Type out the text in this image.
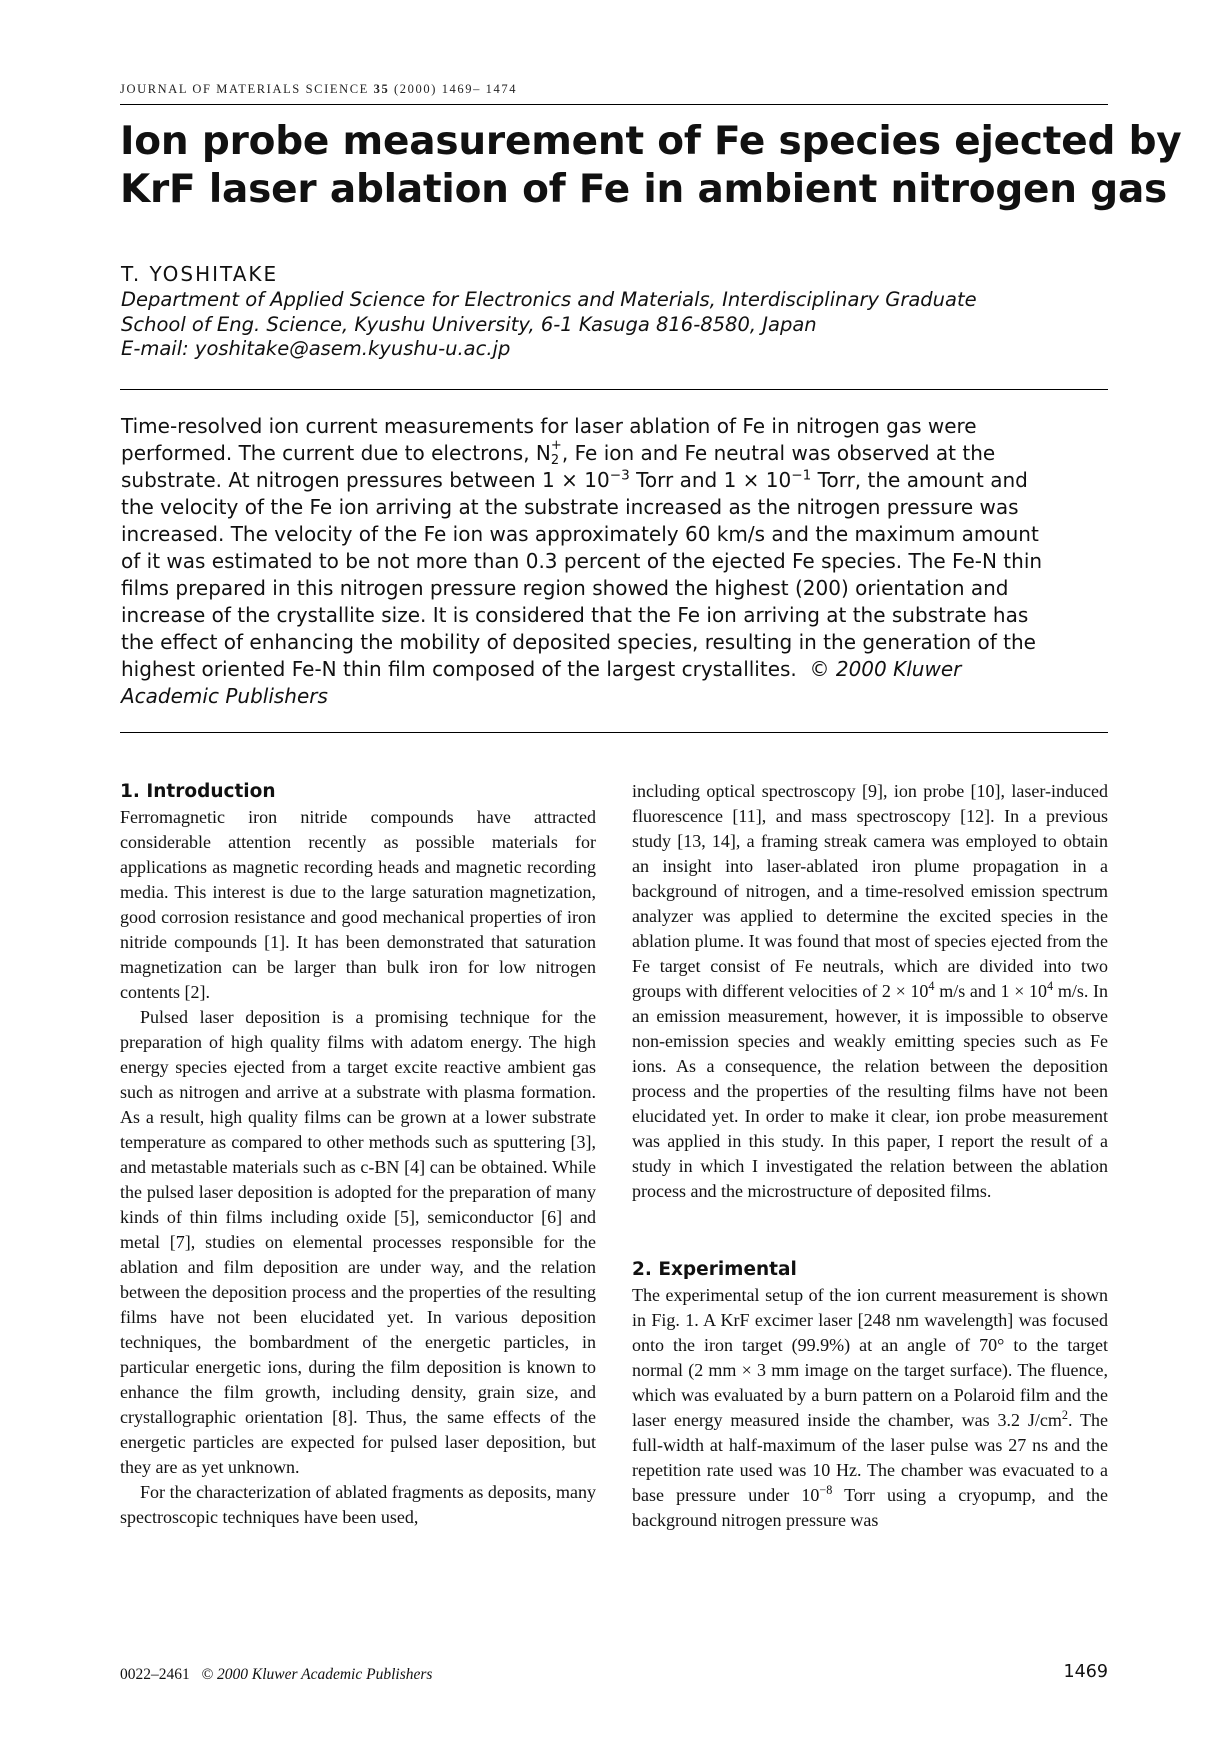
JOURNAL OF MATERIALS SCIENCE 35 (2000) 1469– 1474
Ion probe measurement of Fe species ejected by
KrF laser ablation of Fe in ambient nitrogen gas
T. YOSHITAKE
Department of Applied Science for Electronics and Materials, Interdisciplinary Graduate
School of Eng. Science, Kyushu University, 6-1 Kasuga 816-8580, Japan
E-mail: yoshitake@asem.kyushu-u.ac.jp
Time-resolved ion current measurements for laser ablation of Fe in nitrogen gas were
performed. The current due to electrons, N +
2 , Fe ion and Fe neutral was observed at the
substrate. At nitrogen pressures between $1 \times 10^{-3}$ Torr and $1 \times 10^{-1}$ Torr, the amount and
the velocity of the Fe ion arriving at the substrate increased as the nitrogen pressure was
increased. The velocity of the Fe ion was approximately 60 km/s and the maximum amount
of it was estimated to be not more than 0.3 percent of the ejected Fe species. The Fe-N thin
films prepared in this nitrogen pressure region showed the highest (200) orientation and
increase of the crystallite size. It is considered that the Fe ion arriving at the substrate has
the effect of enhancing the mobility of deposited species, resulting in the generation of the
highest oriented Fe-N thin film composed of the largest crystallites. © 2000 Kluwer
Academic Publishers

1. Introduction

Ferromagnetic iron nitride compounds have attracted considerable attention recently as possible materials for applications as magnetic recording heads and magnetic recording media. This interest is due to the large saturation magnetization, good corrosion resistance and good mechanical properties of iron nitride compounds [1]. It has been demonstrated that saturation magnetization can be larger than bulk iron for low nitrogen contents [2].

Pulsed laser deposition is a promising technique for the preparation of high quality films with adatom energy. The high energy species ejected from a target excite reactive ambient gas such as nitrogen and arrive at a substrate with plasma formation. As a result, high quality films can be grown at a lower substrate temperature as compared to other methods such as sputtering [3], and metastable materials such as c-BN [4] can be obtained. While the pulsed laser deposition is adopted for the preparation of many kinds of thin films including oxide [5], semiconductor [6] and metal [7], studies on elemental processes responsible for the ablation and film deposition are under way, and the relation between the deposition process and the properties of the resulting films have not been elucidated yet. In various deposition techniques, the bombardment of the energetic particles, in particular energetic ions, during the film deposition is known to enhance the film growth, including density, grain size, and crystallographic orientation [8]. Thus, the same effects of the energetic particles are expected for pulsed laser deposition, but they are as yet unknown.

For the characterization of ablated fragments as deposits, many spectroscopic techniques have been used,

including optical spectroscopy [9], ion probe [10], laser-induced fluorescence [11], and mass spectroscopy [12]. In a previous study [13, 14], a framing streak camera was employed to obtain an insight into laser-ablated iron plume propagation in a background of nitrogen, and a time-resolved emission spectrum analyzer was applied to determine the excited species in the ablation plume. It was found that most of species ejected from the Fe target consist of Fe neutrals, which are divided into two groups with different velocities of $2 \times 10^4$ m/s and $1 \times 10^4$ m/s. In an emission measurement, however, it is impossible to observe non-emission species and weakly emitting species such as Fe ions. As a consequence, the relation between the deposition process and the properties of the resulting films have not been elucidated yet. In order to make it clear, ion probe measurement was applied in this study. In this paper, I report the result of a study in which I investigated the relation between the ablation process and the microstructure of deposited films.

2. Experimental

The experimental setup of the ion current measurement is shown in Fig. 1. A KrF excimer laser [248 nm wavelength] was focused onto the iron target (99.9%) at an angle of 70° to the target normal (2 mm × 3 mm image on the target surface). The fluence, which was evaluated by a burn pattern on a Polaroid film and the laser energy measured inside the chamber, was 3.2 $J/cm^2$. The full-width at half-maximum of the laser pulse was 27 ns and the repetition rate used was 10 Hz. The chamber was evacuated to a base pressure under $10^{-8}$ Torr using a cryopump, and the background nitrogen pressure was

0022–2461 © 2000 Kluwer Academic Publishers	1469
